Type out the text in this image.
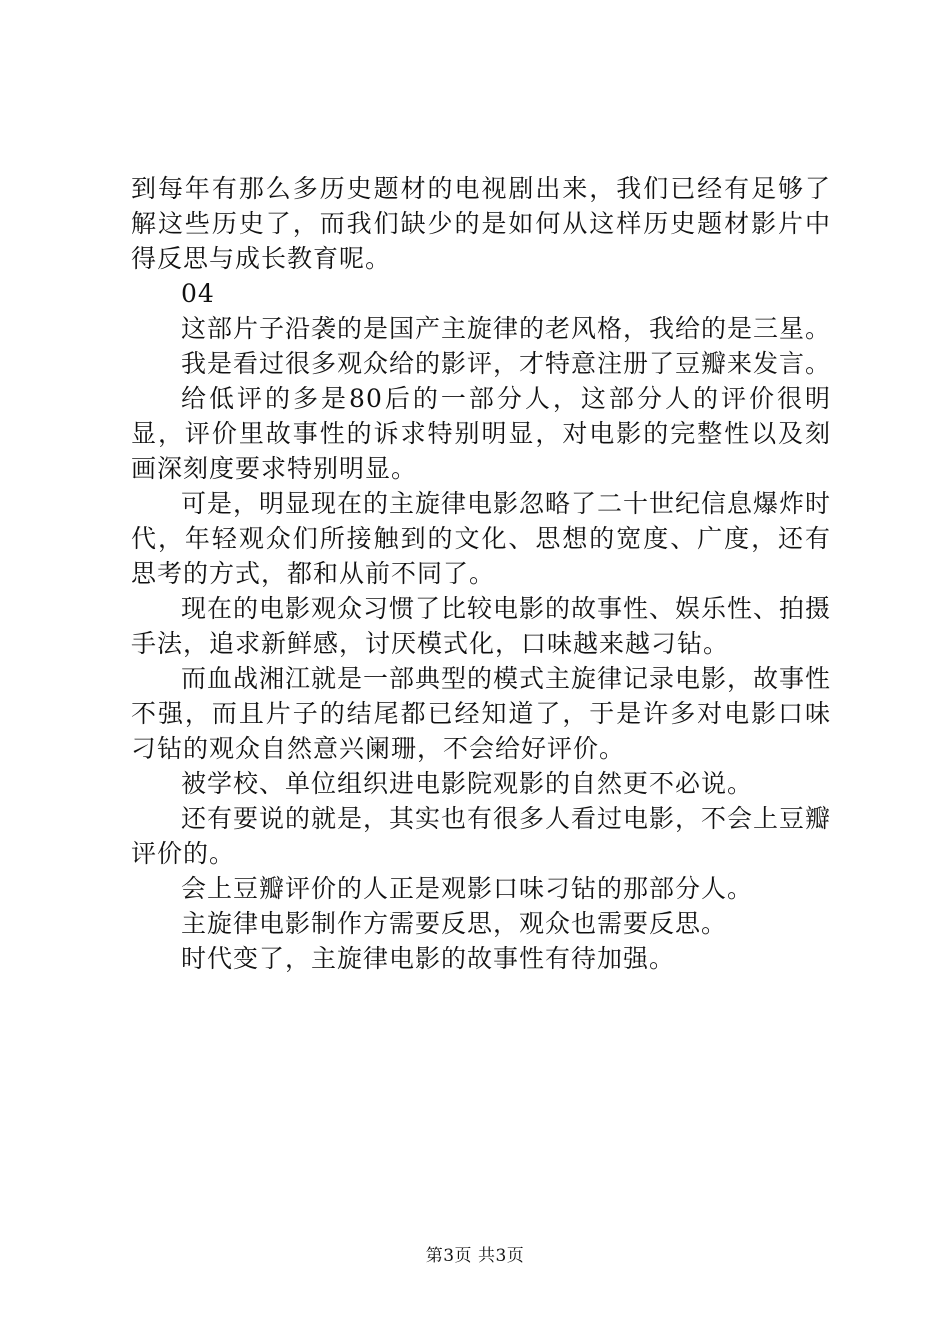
到每年有那么多历史题材的电视剧出来，我们已经有足够了解这些历史了，而我们缺少的是如何从这样历史题材影片中得反思与成长教育呢。

04

这部片子沿袭的是国产主旋律的老风格，我给的是三星。

我是看过很多观众给的影评，才特意注册了豆瓣来发言。

给低评的多是80后的一部分人，这部分人的评价很明显，评价里故事性的诉求特别明显，对电影的完整性以及刻画深刻度要求特别明显。

可是，明显现在的主旋律电影忽略了二十世纪信息爆炸时代，年轻观众们所接触到的文化、思想的宽度、广度，还有思考的方式，都和从前不同了。

现在的电影观众习惯了比较电影的故事性、娱乐性、拍摄手法，追求新鲜感，讨厌模式化，口味越来越刁钻。

而血战湘江就是一部典型的模式主旋律记录电影，故事性不强，而且片子的结尾都已经知道了，于是许多对电影口味刁钻的观众自然意兴阑珊，不会给好评价。

被学校、单位组织进电影院观影的自然更不必说。

还有要说的就是，其实也有很多人看过电影，不会上豆瓣评价的。

会上豆瓣评价的人正是观影口味刁钻的那部分人。

主旋律电影制作方需要反思，观众也需要反思。

时代变了，主旋律电影的故事性有待加强。

第3页 共3页
